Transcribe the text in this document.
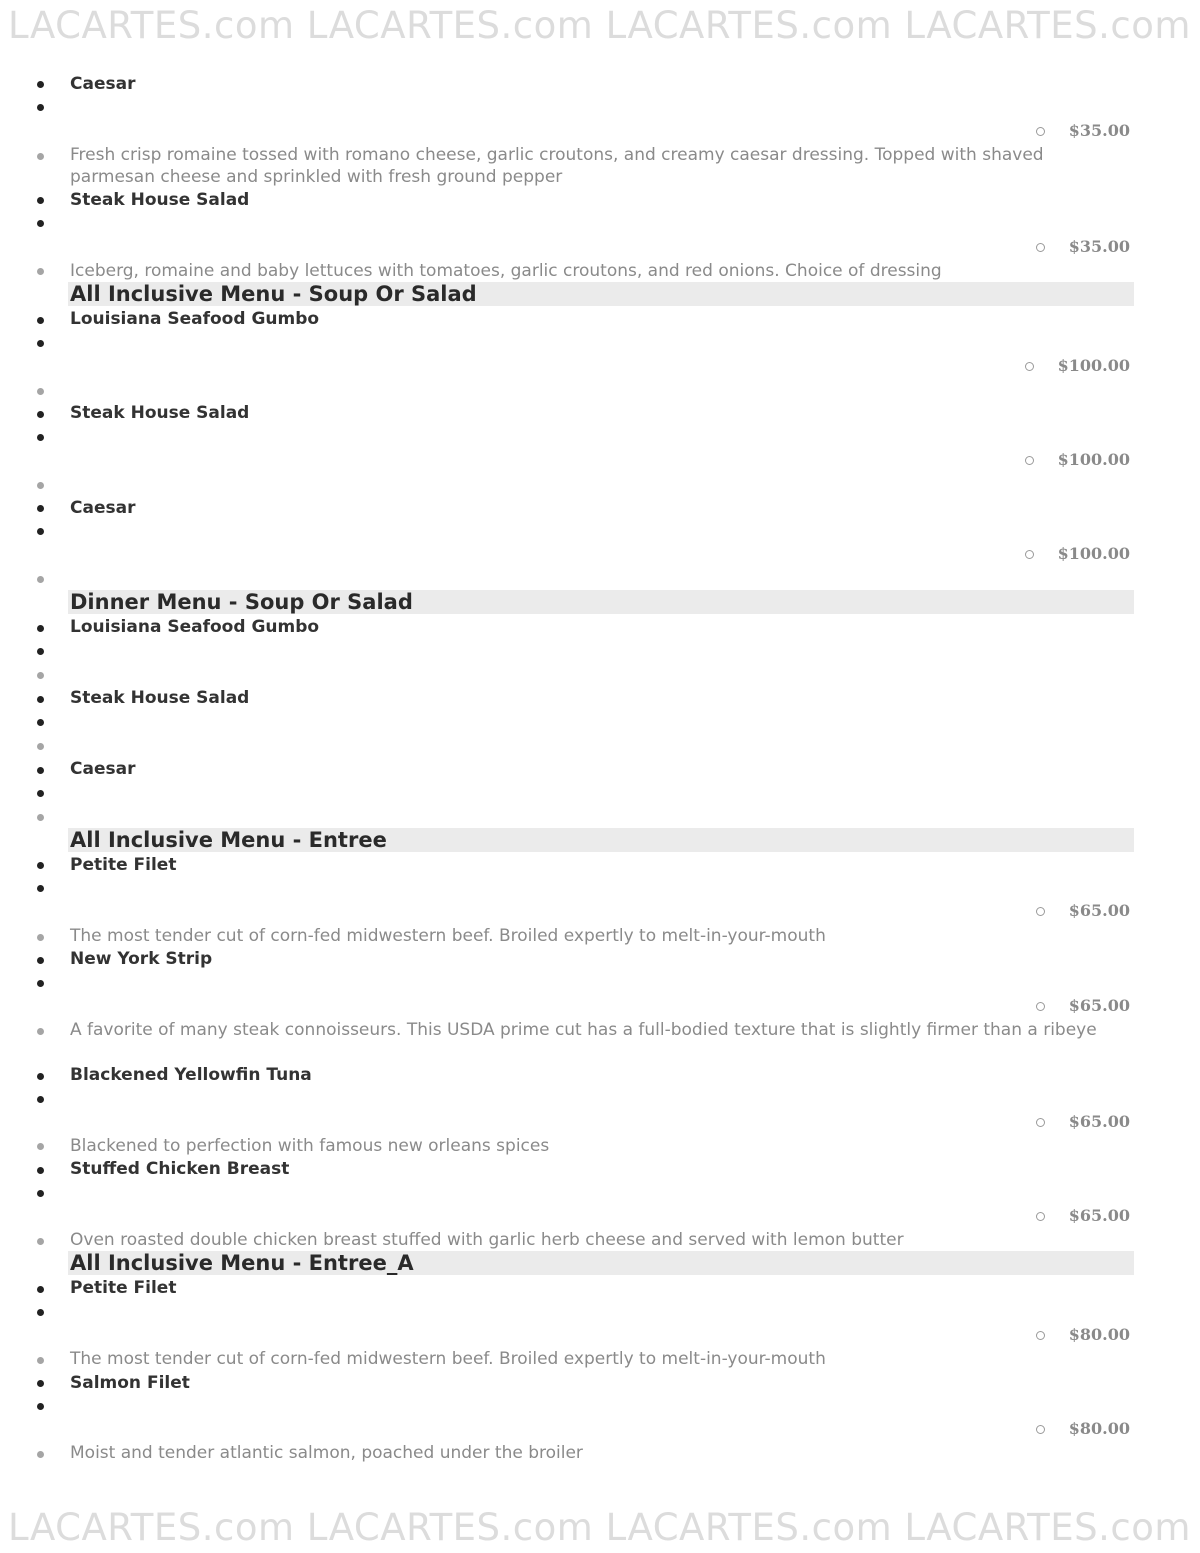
LACARTES.com LACARTES.com LACARTES.com LACARTES.com
Caesar
$35.00
Fresh crisp romaine tossed with romano cheese, garlic croutons, and creamy caesar dressing. Topped with shaved parmesan cheese and sprinkled with fresh ground pepper
Steak House Salad
$35.00
Iceberg, romaine and baby lettuces with tomatoes, garlic croutons, and red onions. Choice of dressing
All Inclusive Menu - Soup Or Salad
Louisiana Seafood Gumbo
$100.00
Steak House Salad
$100.00
Caesar
$100.00
Dinner Menu - Soup Or Salad
Louisiana Seafood Gumbo
Steak House Salad
Caesar
All Inclusive Menu - Entree
Petite Filet
$65.00
The most tender cut of corn-fed midwestern beef. Broiled expertly to melt-in-your-mouth
New York Strip
$65.00
A favorite of many steak connoisseurs. This USDA prime cut has a full-bodied texture that is slightly firmer than a ribeye
Blackened Yellowfin Tuna
$65.00
Blackened to perfection with famous new orleans spices
Stuffed Chicken Breast
$65.00
Oven roasted double chicken breast stuffed with garlic herb cheese and served with lemon butter
All Inclusive Menu - Entree_A
Petite Filet
$80.00
The most tender cut of corn-fed midwestern beef. Broiled expertly to melt-in-your-mouth
Salmon Filet
$80.00
Moist and tender atlantic salmon, poached under the broiler
LACARTES.com LACARTES.com LACARTES.com LACARTES.com
